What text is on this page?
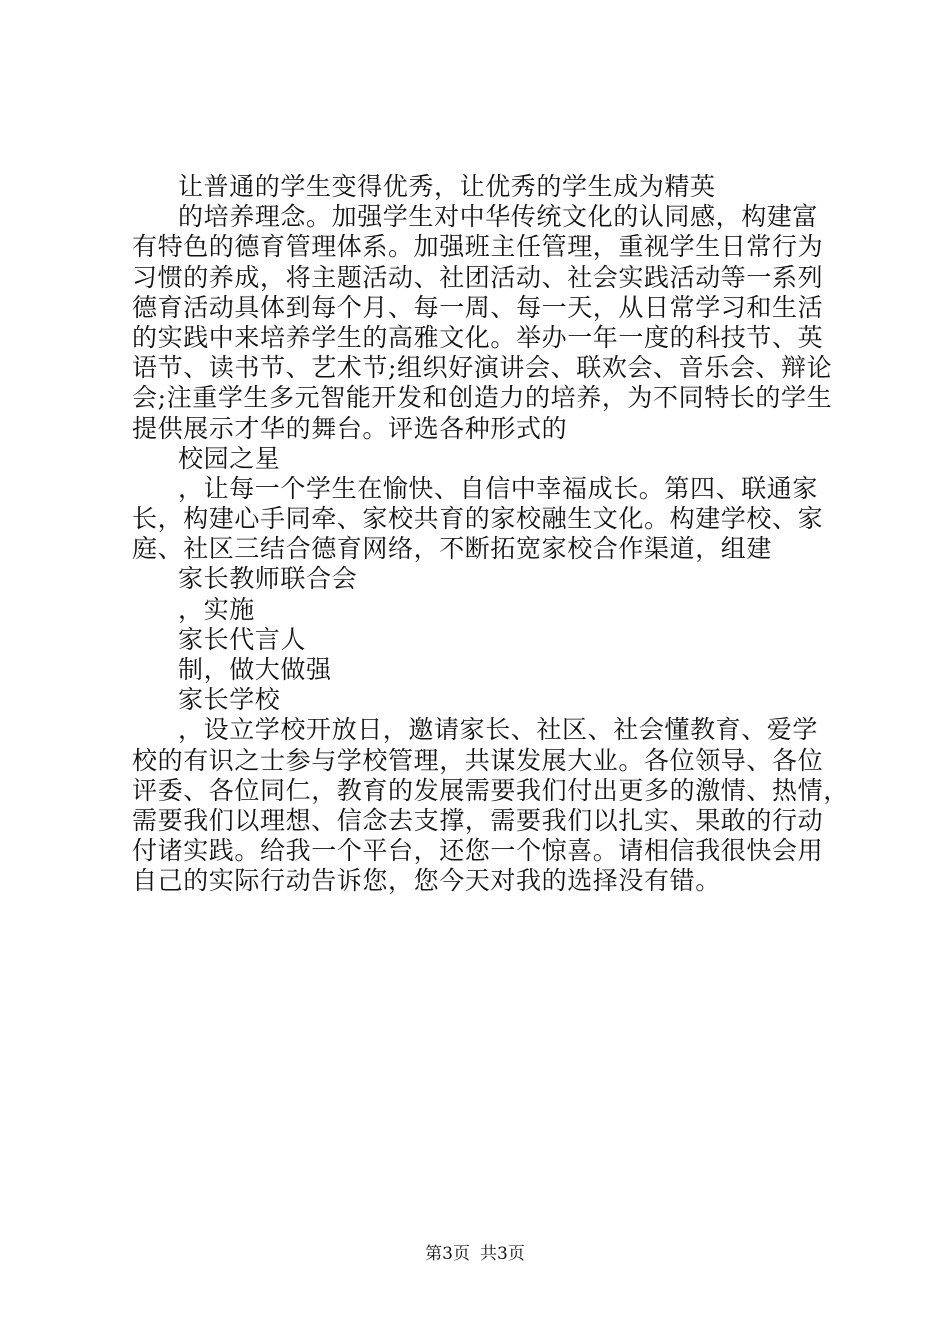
让普通的学生变得优秀，让优秀的学生成为精英
的培养理念。加强学生对中华传统文化的认同感，构建富
有特色的德育管理体系。加强班主任管理，重视学生日常行为
习惯的养成，将主题活动、社团活动、社会实践活动等一系列
德育活动具体到每个月、每一周、每一天，从日常学习和生活
的实践中来培养学生的高雅文化。举办一年一度的科技节、英
语节、读书节、艺术节;组织好演讲会、联欢会、音乐会、辩论
会;注重学生多元智能开发和创造力的培养，为不同特长的学生
提供展示才华的舞台。评选各种形式的
校园之星
，让每一个学生在愉快、自信中幸福成长。第四、联通家
长，构建心手同牵、家校共育的家校融生文化。构建学校、家
庭、社区三结合德育网络，不断拓宽家校合作渠道，组建
家长教师联合会
，实施
家长代言人
制，做大做强
家长学校
，设立学校开放日，邀请家长、社区、社会懂教育、爱学
校的有识之士参与学校管理，共谋发展大业。各位领导、各位
评委、各位同仁，教育的发展需要我们付出更多的激情、热情，
需要我们以理想、信念去支撑，需要我们以扎实、果敢的行动
付诸实践。给我一个平台，还您一个惊喜。请相信我很快会用
自己的实际行动告诉您，您今天对我的选择没有错。
第3页 共3页
